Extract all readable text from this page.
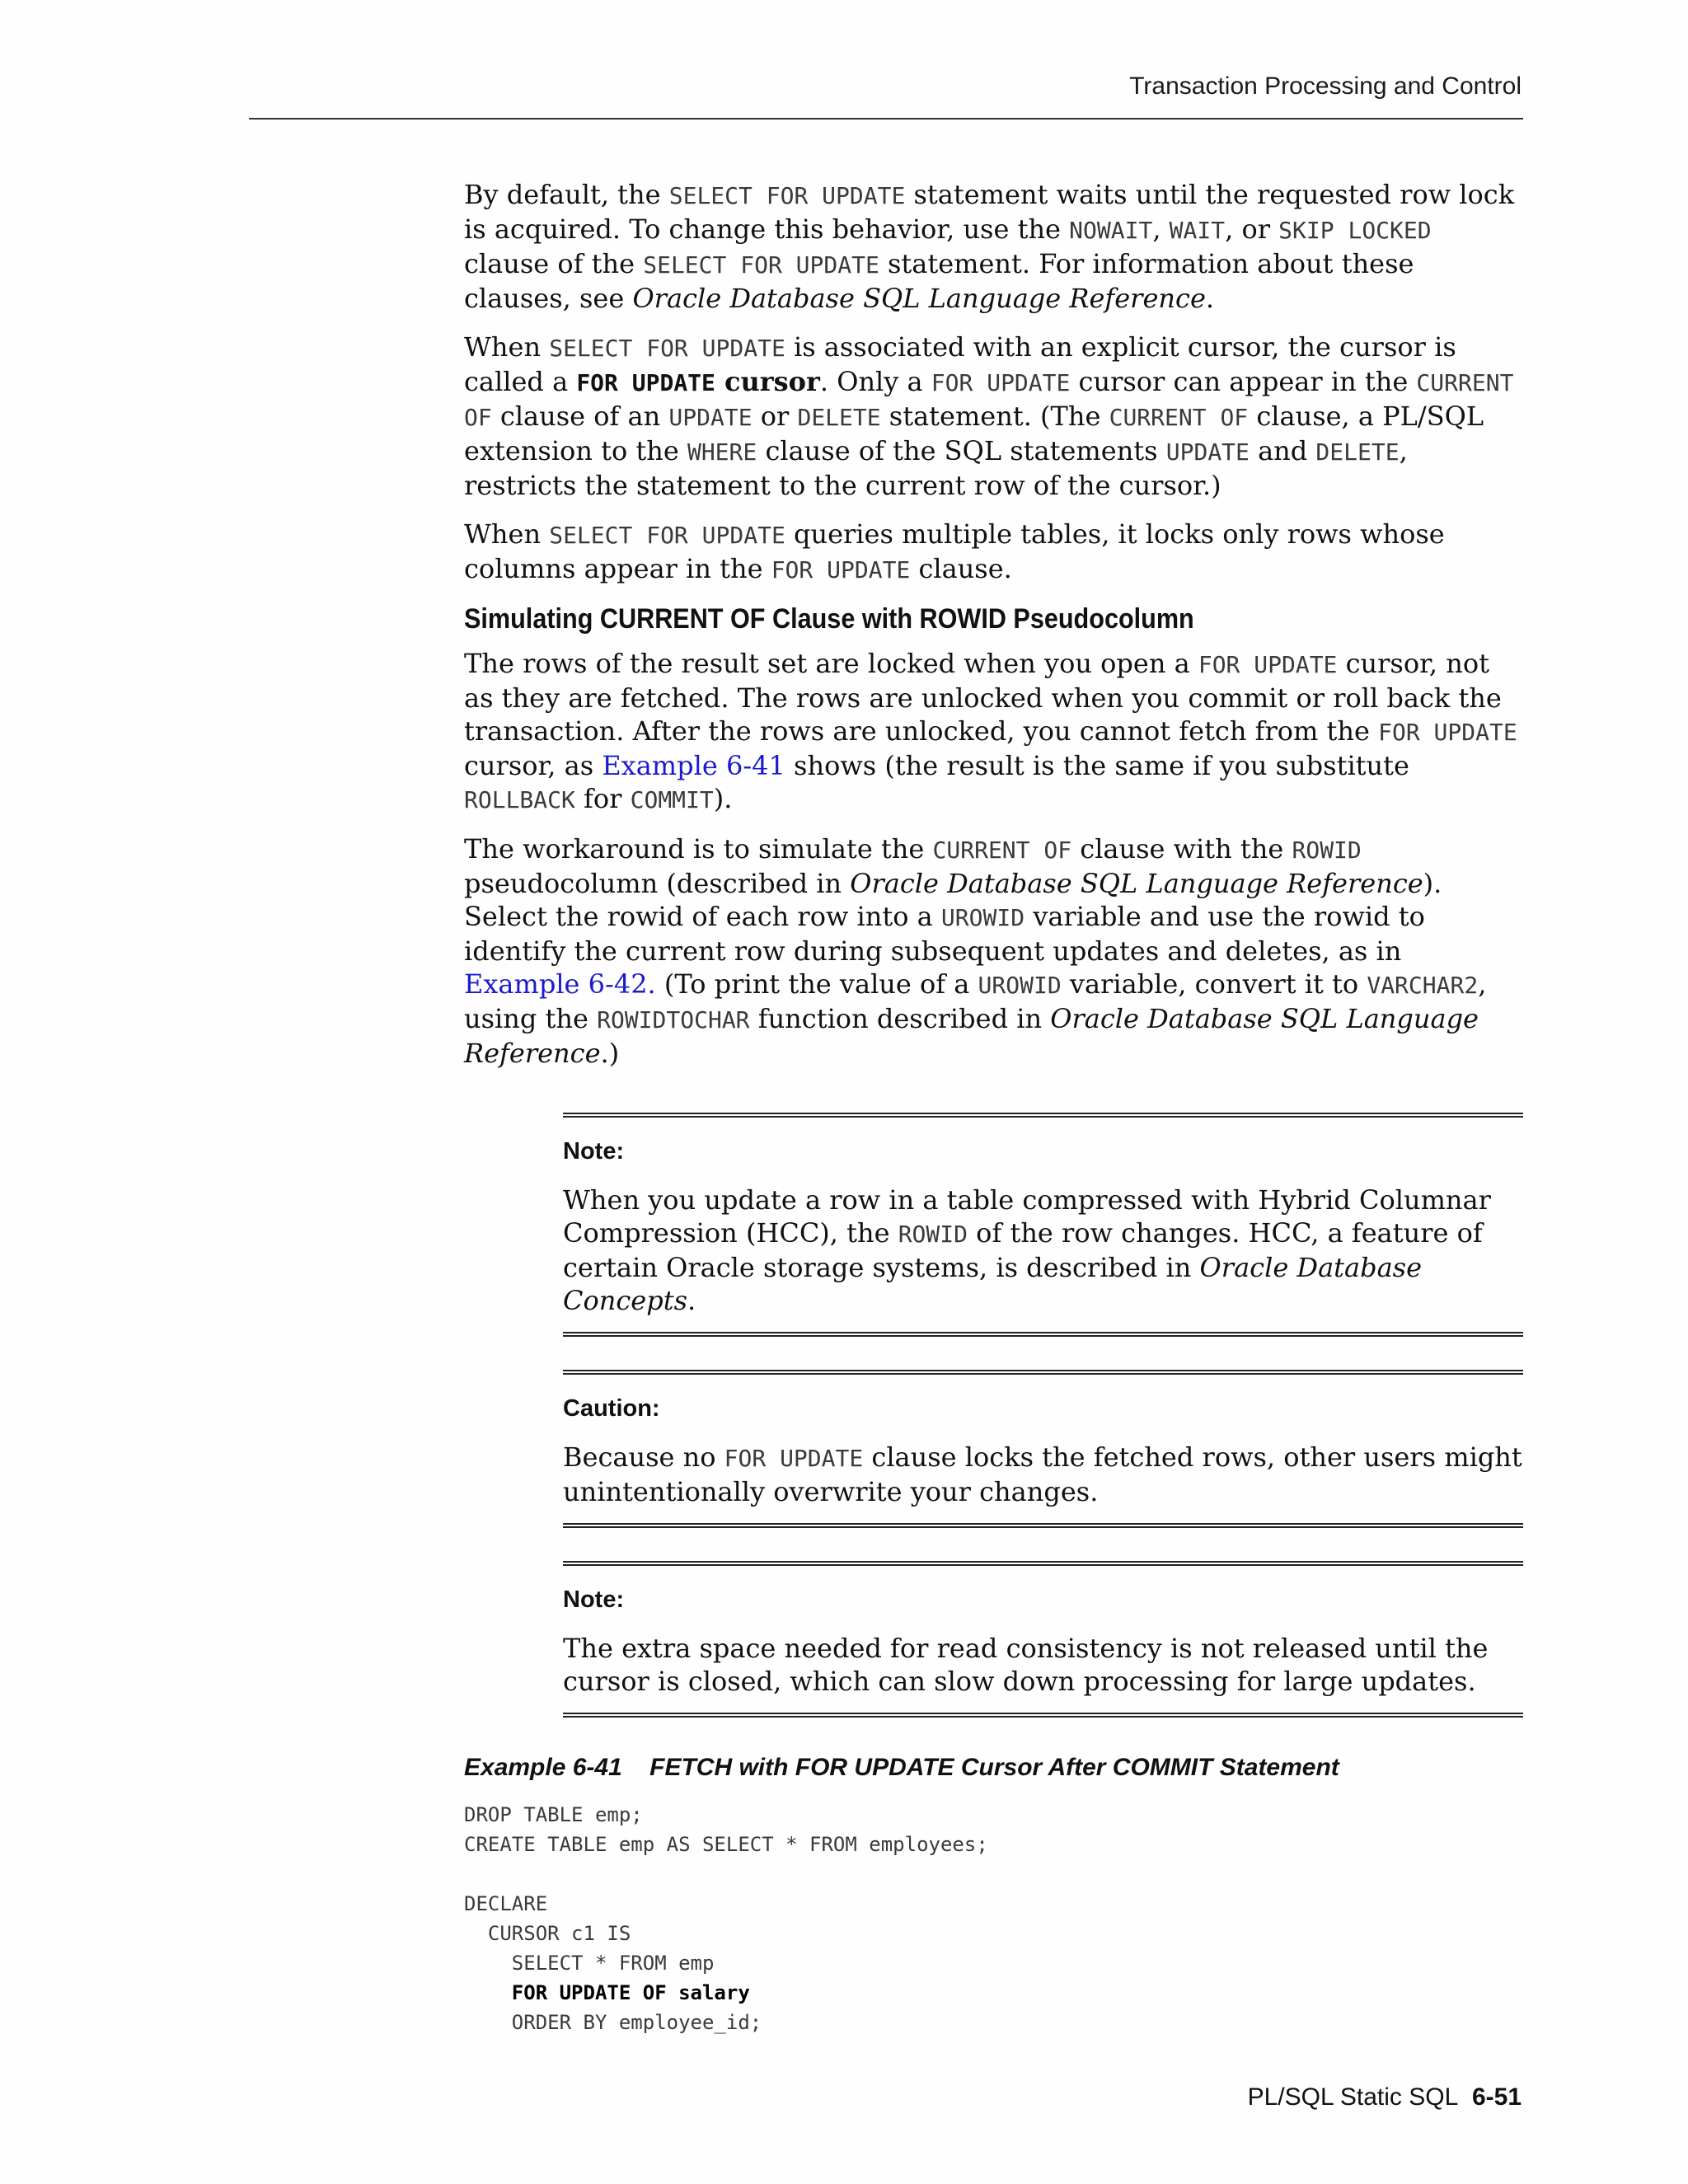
Transaction Processing and Control

By default, the SELECT FOR UPDATE statement waits until the requested row lock is acquired. To change this behavior, use the NOWAIT, WAIT, or SKIP LOCKED clause of the SELECT FOR UPDATE statement. For information about these clauses, see Oracle Database SQL Language Reference.

When SELECT FOR UPDATE is associated with an explicit cursor, the cursor is called a FOR UPDATE cursor. Only a FOR UPDATE cursor can appear in the CURRENT OF clause of an UPDATE or DELETE statement. (The CURRENT OF clause, a PL/SQL extension to the WHERE clause of the SQL statements UPDATE and DELETE, restricts the statement to the current row of the cursor.)

When SELECT FOR UPDATE queries multiple tables, it locks only rows whose columns appear in the FOR UPDATE clause.

Simulating CURRENT OF Clause with ROWID Pseudocolumn

The rows of the result set are locked when you open a FOR UPDATE cursor, not as they are fetched. The rows are unlocked when you commit or roll back the transaction. After the rows are unlocked, you cannot fetch from the FOR UPDATE cursor, as Example 6-41 shows (the result is the same if you substitute ROLLBACK for COMMIT).

The workaround is to simulate the CURRENT OF clause with the ROWID pseudocolumn (described in Oracle Database SQL Language Reference). Select the rowid of each row into a UROWID variable and use the rowid to identify the current row during subsequent updates and deletes, as in Example 6-42. (To print the value of a UROWID variable, convert it to VARCHAR2, using the ROWIDTOCHAR function described in Oracle Database SQL Language Reference.)

Note:

When you update a row in a table compressed with Hybrid Columnar Compression (HCC), the ROWID of the row changes. HCC, a feature of certain Oracle storage systems, is described in Oracle Database Concepts.

Caution:

Because no FOR UPDATE clause locks the fetched rows, other users might unintentionally overwrite your changes.

Note:

The extra space needed for read consistency is not released until the cursor is closed, which can slow down processing for large updates.

Example 6-41    FETCH with FOR UPDATE Cursor After COMMIT Statement
DROP TABLE emp;
CREATE TABLE emp AS SELECT * FROM employees;

DECLARE
CURSOR c1 IS
SELECT * FROM emp
FOR UPDATE OF salary
ORDER BY employee_id;
PL/SQL Static SQL 6-51
